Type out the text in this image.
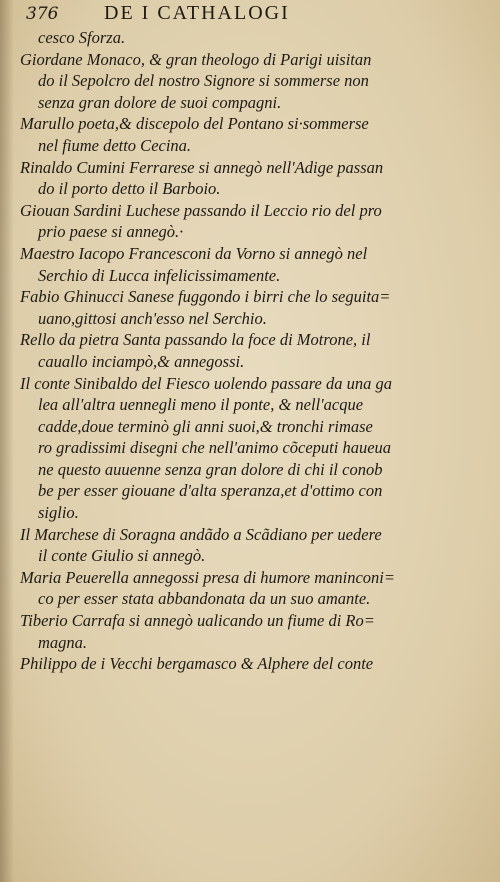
376	DE I CATHALOGI
cesco Sforza.
Giordane Monaco, & gran theologo di Parigi uisitan
do il Sepolcro del nostro Signore si sommerse non
senza gran dolore de suoi compagni.
Marullo poeta,& discepolo del Pontano si·sommerse
nel fiume detto Cecina.
Rinaldo Cumini Ferrarese si annegò nell'Adige passan
do il porto detto il Barboio.
Giouan Sardini Luchese passando il Leccio rio del pro
prio paese si annegò.·
Maestro Iacopo Francesconi da Vorno si annegò nel
Serchio di Lucca infelicissimamente.
Fabio Ghinucci Sanese fuggondo i birri che lo seguita=
uano,gittosi anch'esso nel Serchio.
Rello da pietra Santa passando la foce di Motrone, il
cauallo inciampò,& annegossi.
Il conte Sinibaldo del Fiesco uolendo passare da una ga
lea all'altra uennegli meno il ponte, & nell'acque
cadde,doue terminò gli anni suoi,& tronchi rimase
ro gradissimi disegni che nell'animo cõceputi haueua
ne questo auuenne senza gran dolore di chi il conob
be per esser giouane d'alta speranza,et d'ottimo con
siglio.
Il Marchese di Soragna andãdo a Scãdiano per uedere
il conte Giulio si annegò.
Maria Peuerella annegossi presa di humore maninconi=
co per esser stata abbandonata da un suo amante.
Tiberio Carrafa si annegò ualicando un fiume di Ro=
magna.
Philippo de i Vecchi bergamasco & Alphere del conte
